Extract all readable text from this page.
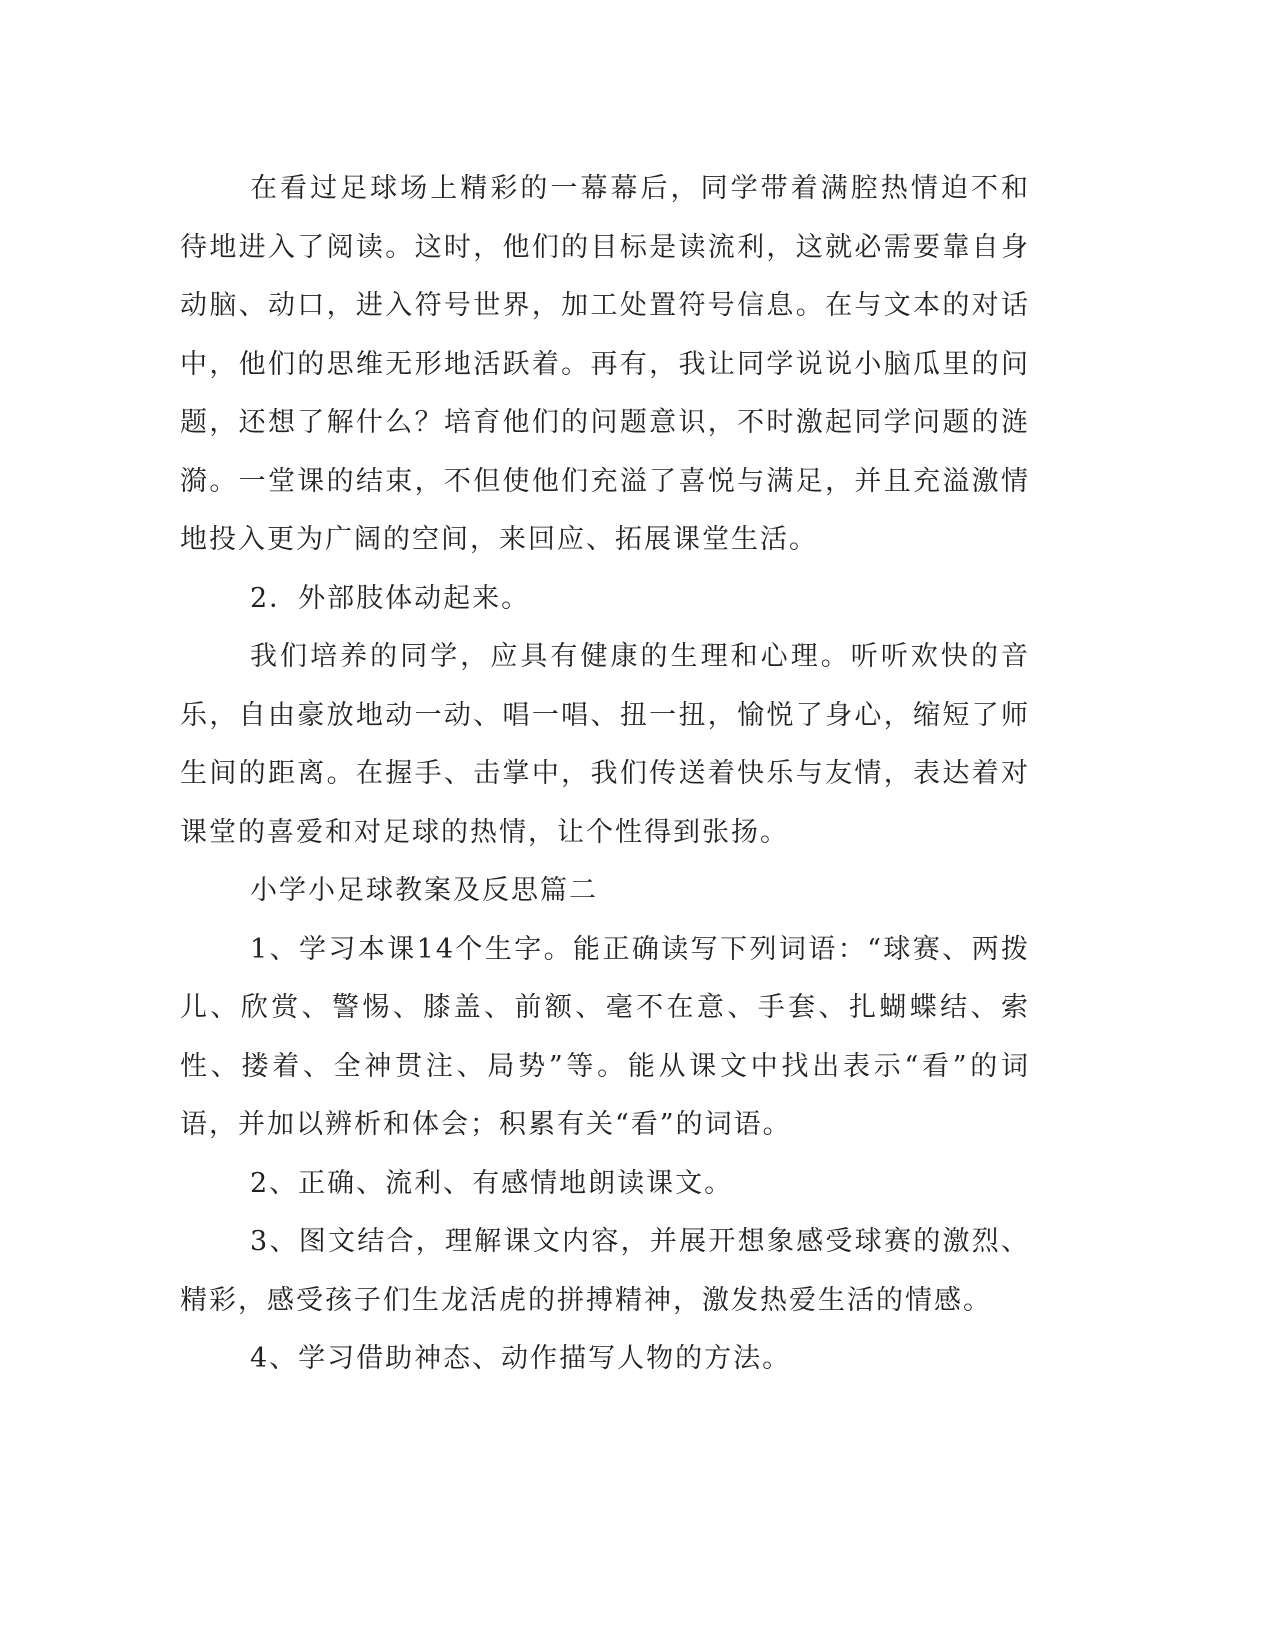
在看过足球场上精彩的一幕幕后，同学带着满腔热情迫不和待地进入了阅读。这时，他们的目标是读流利，这就必需要靠自身动脑、动口，进入符号世界，加工处置符号信息。在与文本的对话中，他们的思维无形地活跃着。再有，我让同学说说小脑瓜里的问题，还想了解什么？培育他们的问题意识，不时激起同学问题的涟漪。一堂课的结束，不但使他们充溢了喜悦与满足，并且充溢激情地投入更为广阔的空间，来回应、拓展课堂生活。

2．外部肢体动起来。

我们培养的同学，应具有健康的生理和心理。听听欢快的音乐，自由豪放地动一动、唱一唱、扭一扭，愉悦了身心，缩短了师生间的距离。在握手、击掌中，我们传送着快乐与友情，表达着对课堂的喜爱和对足球的热情，让个性得到张扬。

小学小足球教案及反思篇二

1、学习本课14个生字。能正确读写下列词语：“球赛、两拨儿、欣赏、警惕、膝盖、前额、毫不在意、手套、扎蝴蝶结、索性、搂着、全神贯注、局势”等。能从课文中找出表示“看”的词语，并加以辨析和体会；积累有关“看”的词语。

2、正确、流利、有感情地朗读课文。

3、图文结合，理解课文内容，并展开想象感受球赛的激烈、精彩，感受孩子们生龙活虎的拼搏精神，激发热爱生活的情感。

4、学习借助神态、动作描写人物的方法。
